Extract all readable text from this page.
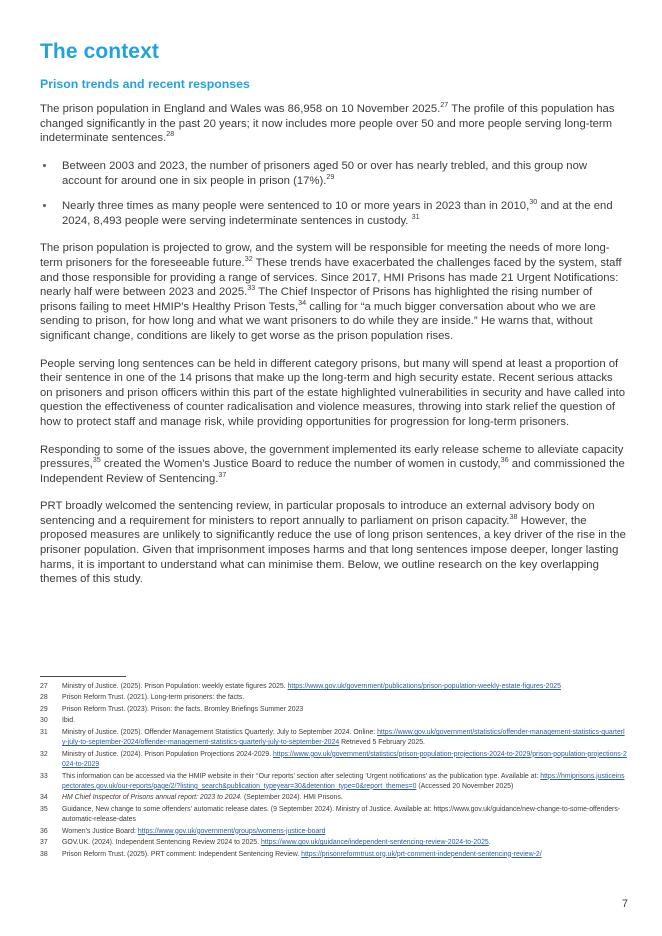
The context
Prison trends and recent responses

The prison population in England and Wales was 86,958 on 10 November 2025.27 The profile of this population has changed significantly in the past 20 years; it now includes more people over 50 and more people serving long-term indeterminate sentences.$^{28}$

Between 2003 and 2023, the number of prisoners aged 50 or over has nearly trebled, and this group now account for around one in six people in prison (17%).$^{29}$
Nearly three times as many people were sentenced to 10 or more years in 2023 than in 2010,30 and at the end 2024, 8,493 people were serving indeterminate sentences in custody. $^{31}$

The prison population is projected to grow, and the system will be responsible for meeting the needs of more long-term prisoners for the foreseeable future.$^{32}$ These trends have exacerbated the challenges faced by the system, staff and those responsible for providing a range of services. Since 2017, HMI Prisons has made 21 Urgent Notifications: nearly half were between 2023 and 2025.33 The Chief Inspector of Prisons has highlighted the rising number of prisons failing to meet HMIP's Healthy Prison Tests,$^{34}$ calling for “a much bigger conversation about who we are sending to prison, for how long and what we want prisoners to do while they are inside.” He warns that, without significant change, conditions are likely to get worse as the prison population rises.

People serving long sentences can be held in different category prisons, but many will spend at least a proportion of their sentence in one of the 14 prisons that make up the long-term and high security estate. Recent serious attacks on prisoners and prison officers within this part of the estate highlighted vulnerabilities in security and have called into question the effectiveness of counter radicalisation and violence measures, throwing into stark relief the question of how to protect staff and manage risk, while providing opportunities for progression for long-term prisoners.

Responding to some of the issues above, the government implemented its early release scheme to alleviate capacity pressures,$^{35}$ created the Women's Justice Board to reduce the number of women in custody,$^{36}$ and commissioned the Independent Review of Sentencing.$^{37}$

PRT broadly welcomed the sentencing review, in particular proposals to introduce an external advisory body on sentencing and a requirement for ministers to report annually to parliament on prison capacity.$^{38}$ However, the proposed measures are unlikely to significantly reduce the use of long prison sentences, a key driver of the rise in the prisoner population. Given that imprisonment imposes harms and that long sentences impose deeper, longer lasting harms, it is important to understand what can minimise them. Below, we outline research on the key overlapping themes of this study.

27 Ministry of Justice. (2025). Prison Population: weekly estate figures 2025. https://www.gov.uk/government/publications/prison-population-weekly-estate-figures-2025
28 Prison Reform Trust. (2021). Long-term prisoners: the facts.
29 Prison Reform Trust. (2023). Prison: the facts. Bromley Briefings Summer 2023
30 Ibid.
31 Ministry of Justice. (2025). Offender Management Statistics Quarterly: July to September 2024. Online: https://www.gov.uk/government/statistics/offender-management-statistics-quarterly-july-to-september-2024/offender-management-statistics-quarterly-july-to-september-2024 Retrieved 5 February 2025.
32 Ministry of Justice. (2024). Prison Population Projections 2024-2029. https://www.gov.uk/government/statistics/prison-population-projections-2024-to-2029/prison-population-projections-2024-to-2029
33 This information can be accessed via the HMIP website in their ‘‘Our reports’ section after selecting ‘Urgent notifications’ as the publication type. Available at: https://hmiprisons.justiceinspectorates.gov.uk/our-reports/page/2/?listing_search&publication_typeyear=30&detention_type=0&report_themes=0 (Accessed 20 November 2025)
34 HM Chief Inspector of Prisons annual report: 2023 to 2024. (September 2024). HMI Prisons.
35 Guidance, New change to some offenders' automatic release dates. (9 September 2024). Ministry of Justice. Available at: https://www.gov.uk/guidance/new-change-to-some-offenders-automatic-release-dates
36 Women's Justice Board: https://www.gov.uk/government/groups/womens-justice-board
37 GOV.UK. (2024). Independent Sentencing Review 2024 to 2025. https://www.gov.uk/guidance/independent-sentencing-review-2024-to-2025.
38 Prison Reform Trust. (2025). PRT comment: Independent Sentencing Review. https://prisonreformtrust.org.uk/prt-comment-independent-sentencing-review-2/
7
